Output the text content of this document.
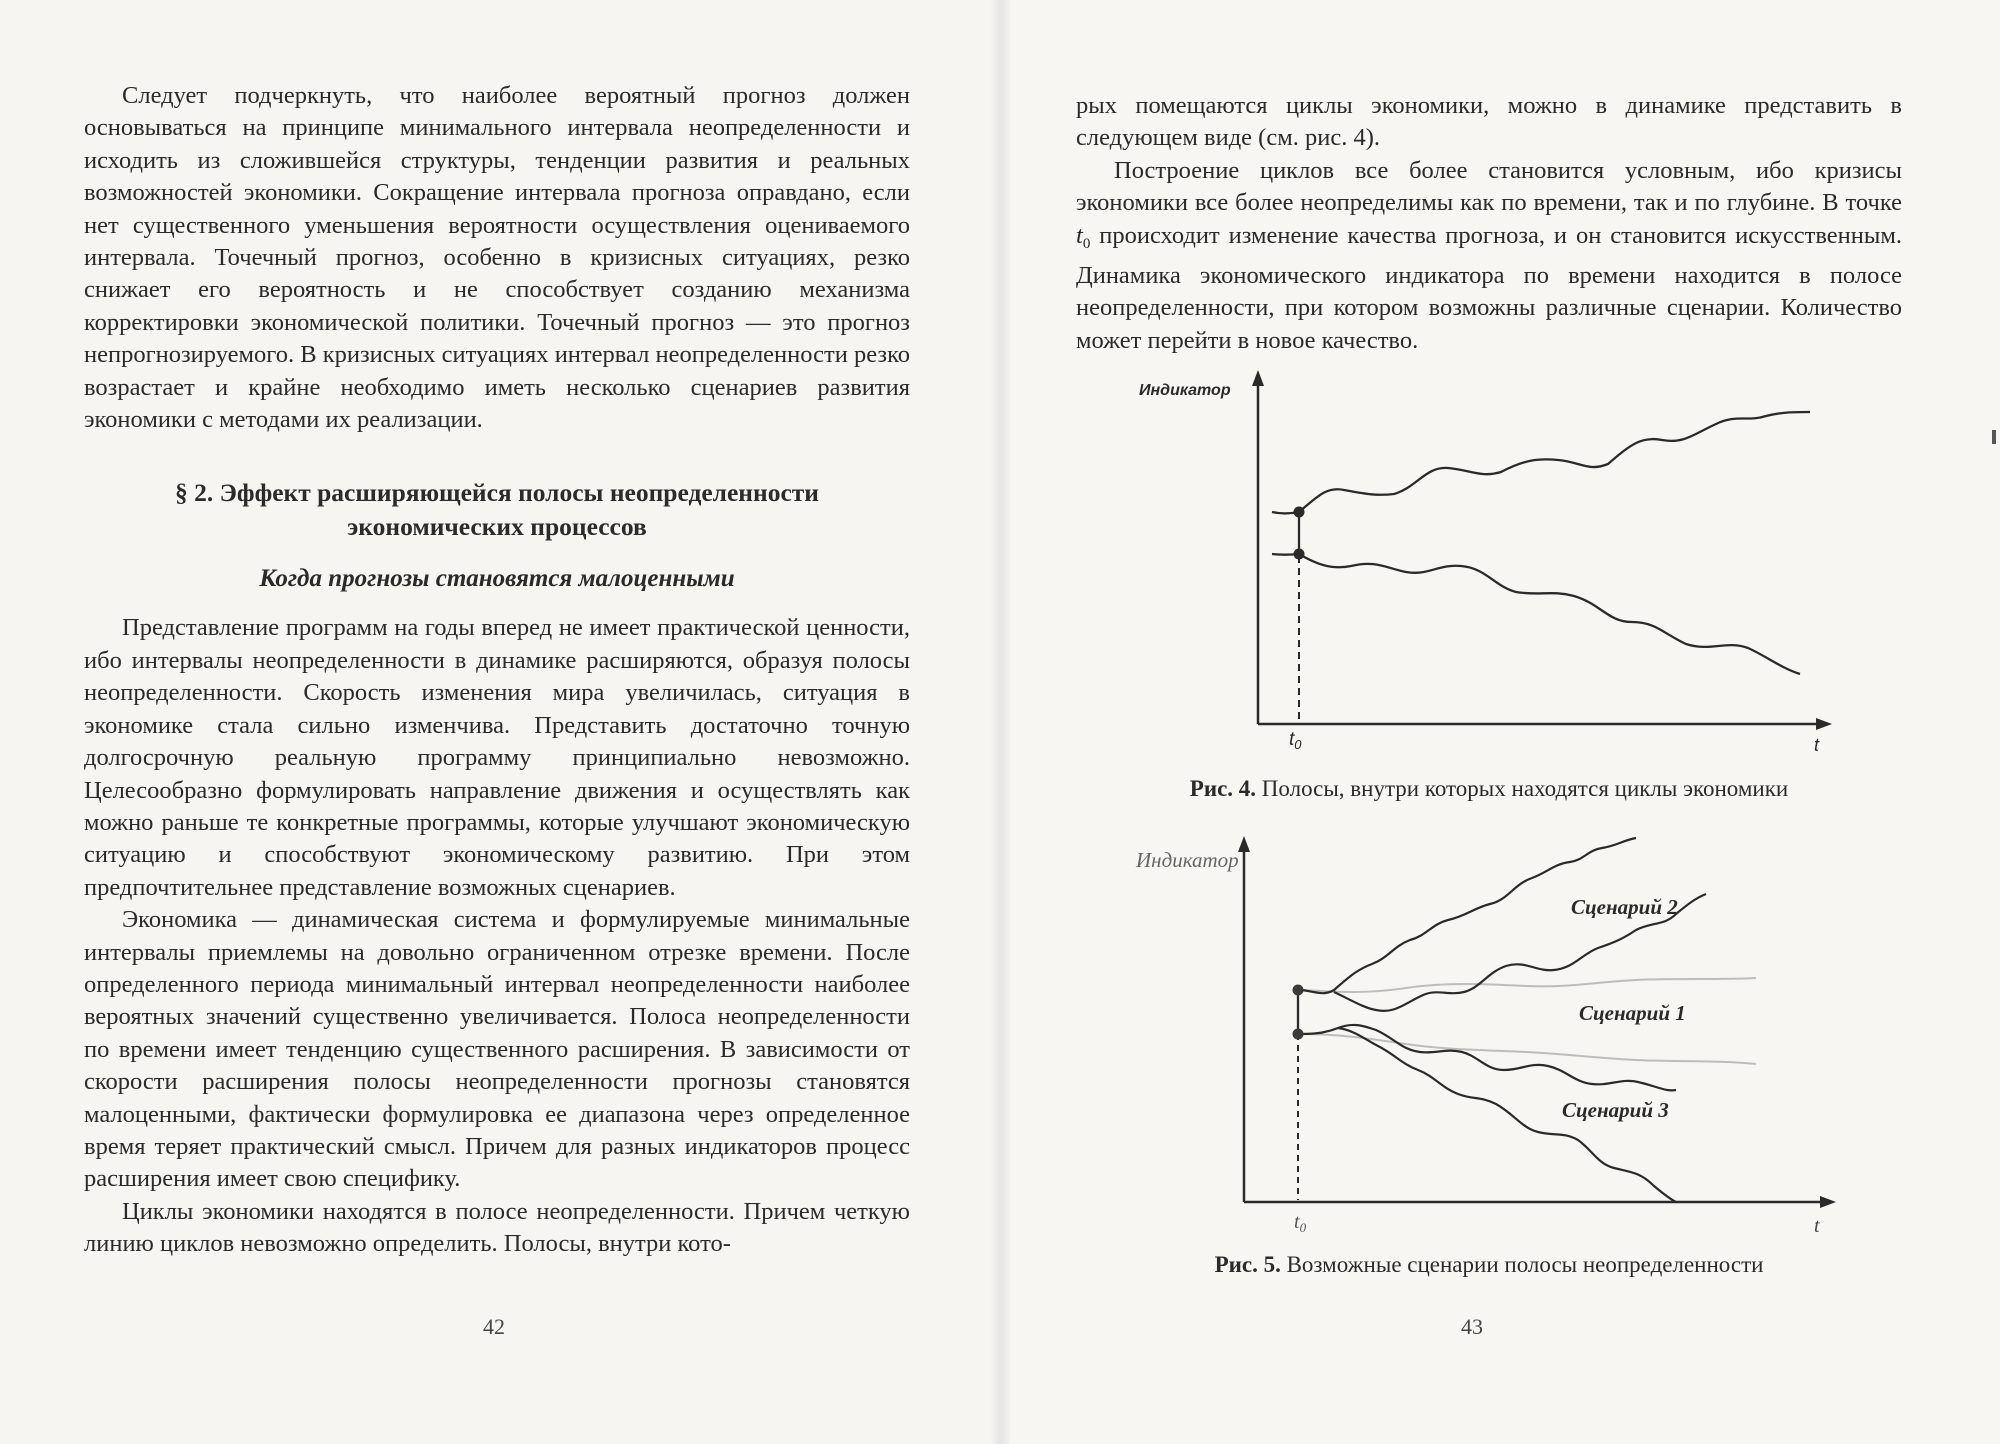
Следует подчеркнуть, что наиболее вероятный прогноз должен основываться на принципе минимального интервала неопределенности и исходить из сложившейся структуры, тенденции развития и реальных возможностей экономики. Сокращение интервала прогноза оправдано, если нет существенного уменьшения вероятности осуществления оцениваемого интервала. Точечный прогноз, особенно в кризисных ситуациях, резко снижает его вероятность и не способствует созданию механизма корректировки экономической политики. Точечный прогноз — это прогноз непрогнозируемого. В кризисных ситуациях интервал неопределенности резко возрастает и крайне необходимо иметь несколько сценариев развития экономики с методами их реализации.

§ 2. Эффект расширяющейся полосы неопределенности
экономических процессов
Когда прогнозы становятся малоценными

Представление программ на годы вперед не имеет практической ценности, ибо интервалы неопределенности в динамике расширяются, образуя полосы неопределенности. Скорость изменения мира увеличилась, ситуация в экономике стала сильно изменчива. Представить достаточно точную долгосрочную реальную программу принципиально невозможно. Целесообразно формулировать направление движения и осуществлять как можно раньше те конкретные программы, которые улучшают экономическую ситуацию и способствуют экономическому развитию. При этом предпочтительнее представление возможных сценариев.

Экономика — динамическая система и формулируемые минимальные интервалы приемлемы на довольно ограниченном отрезке времени. После определенного периода минимальный интервал неопределенности наиболее вероятных значений существенно увеличивается. Полоса неопределенности по времени имеет тенденцию существенного расширения. В зависимости от скорости расширения полосы неопределенности прогнозы становятся малоценными, фактически формулировка ее диапазона через определенное время теряет практический смысл. Причем для разных индикаторов процесс расширения имеет свою специфику.

Циклы экономики находятся в полосе неопределенности. Причем четкую линию циклов невозможно определить. Полосы, внутри кото-

42	43

рых помещаются циклы экономики, можно в динамике представить в следующем виде (см. рис. 4).

Построение циклов все более становится условным, ибо кризисы экономики все более неопределимы как по времени, так и по глубине. В точке $t_0$ происходит изменение качества прогноза, и он становится искусственным. Динамика экономического индикатора по времени находится в полосе неопределенности, при котором возможны различные сценарии. Количество может перейти в новое качество.

Индикатор
t
$t_0$
Рис. 4. Полосы, внутри которых находятся циклы экономики
Индикатор
t
$t_0$
Сценарий 2
Сценарий 1
Сценарий 3
Рис. 5. Возможные сценарии полосы неопределенности
